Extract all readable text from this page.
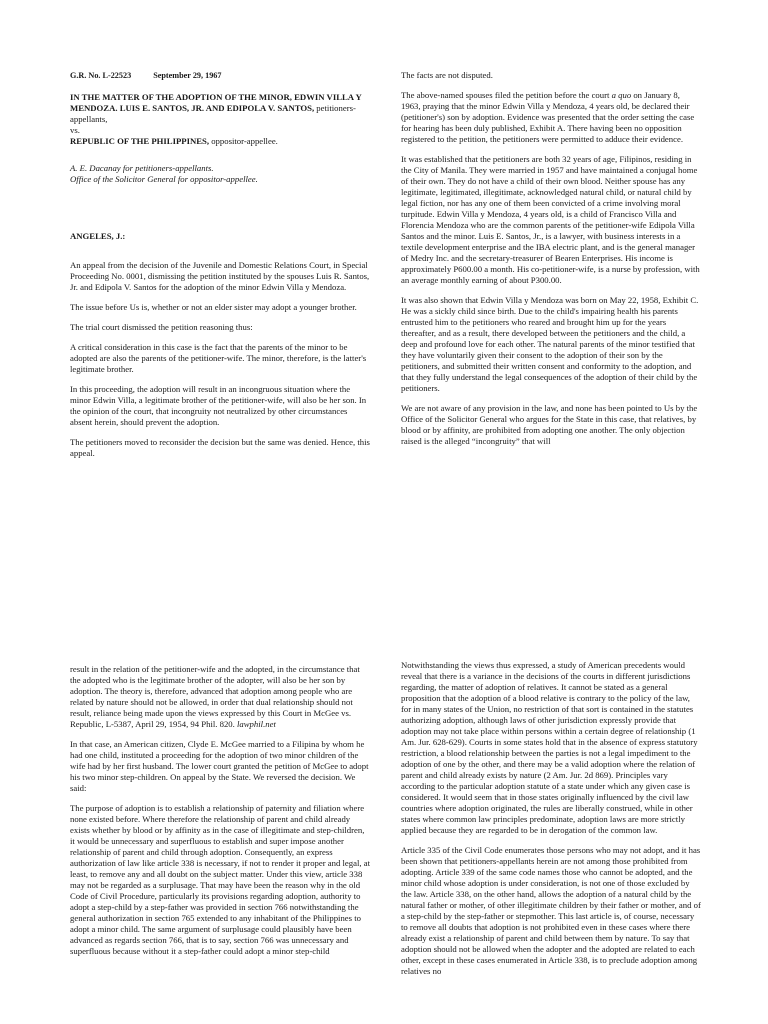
G.R. No. L-22523	September 29, 1967
IN THE MATTER OF THE ADOPTION OF THE MINOR, EDWIN VILLA Y MENDOZA. LUIS E. SANTOS, JR. AND EDIPOLA V. SANTOS, petitioners-appellants,
vs.
REPUBLIC OF THE PHILIPPINES, oppositor-appellee.
A. E. Dacanay for petitioners-appellants.
Office of the Solicitor General for oppositor-appellee.
ANGELES, J.:

An appeal from the decision of the Juvenile and Domestic Relations Court, in Special Proceeding No. 0001, dismissing the petition instituted by the spouses Luis R. Santos, Jr. and Edipola V. Santos for the adoption of the minor Edwin Villa y Mendoza.

The issue before Us is, whether or not an elder sister may adopt a younger brother.

The trial court dismissed the petition reasoning thus:

A critical consideration in this case is the fact that the parents of the minor to be adopted are also the parents of the petitioner-wife. The minor, therefore, is the latter's legitimate brother.

In this proceeding, the adoption will result in an incongruous situation where the minor Edwin Villa, a legitimate brother of the petitioner-wife, will also be her son. In the opinion of the court, that incongruity not neutralized by other circumstances absent herein, should prevent the adoption.

The petitioners moved to reconsider the decision but the same was denied. Hence, this appeal.

The facts are not disputed.

The above-named spouses filed the petition before the court a quo on January 8, 1963, praying that the minor Edwin Villa y Mendoza, 4 years old, be declared their (petitioner's) son by adoption. Evidence was presented that the order setting the case for hearing has been duly published, Exhibit A. There having been no opposition registered to the petition, the petitioners were permitted to adduce their evidence.

It was established that the petitioners are both 32 years of age, Filipinos, residing in the City of Manila. They were married in 1957 and have maintained a conjugal home of their own. They do not have a child of their own blood. Neither spouse has any legitimate, legitimated, illegitimate, acknowledged natural child, or natural child by legal fiction, nor has any one of them been convicted of a crime involving moral turpitude. Edwin Villa y Mendoza, 4 years old, is a child of Francisco Villa and Florencia Mendoza who are the common parents of the petitioner-wife Edipola Villa Santos and the minor. Luis E. Santos, Jr., is a lawyer, with business interests in a textile development enterprise and the IBA electric plant, and is the general manager of Medry Inc. and the secretary-treasurer of Bearen Enterprises. His income is approximately P600.00 a month. His co-petitioner-wife, is a nurse by profession, with an average monthly earning of about P300.00.

It was also shown that Edwin Villa y Mendoza was born on May 22, 1958, Exhibit C. He was a sickly child since birth. Due to the child's impairing health his parents entrusted him to the petitioners who reared and brought him up for the years thereafter, and as a result, there developed between the petitioners and the child, a deep and profound love for each other. The natural parents of the minor testified that they have voluntarily given their consent to the adoption of their son by the petitioners, and submitted their written consent and conformity to the adoption, and that they fully understand the legal consequences of the adoption of their child by the petitioners.

We are not aware of any provision in the law, and none has been pointed to Us by the Office of the Solicitor General who argues for the State in this case, that relatives, by blood or by affinity, are prohibited from adopting one another. The only objection raised is the alleged “incongruity” that will

result in the relation of the petitioner-wife and the adopted, in the circumstance that the adopted who is the legitimate brother of the adopter, will also be her son by adoption. The theory is, therefore, advanced that adoption among people who are related by nature should not be allowed, in order that dual relationship should not result, reliance being made upon the views expressed by this Court in McGee vs. Republic, L-5387, April 29, 1954, 94 Phil. 820. lawphil.net

In that case, an American citizen, Clyde E. McGee married to a Filipina by whom he had one child, instituted a proceeding for the adoption of two minor children of the wife had by her first husband. The lower court granted the petition of McGee to adopt his two minor step-children. On appeal by the State. We reversed the decision. We said:

The purpose of adoption is to establish a relationship of paternity and filiation where none existed before. Where therefore the relationship of parent and child already exists whether by blood or by affinity as in the case of illegitimate and step-children, it would be unnecessary and superfluous to establish and super impose another relationship of parent and child through adoption. Consequently, an express authorization of law like article 338 is necessary, if not to render it proper and legal, at least, to remove any and all doubt on the subject matter. Under this view, article 338 may not be regarded as a surplusage. That may have been the reason why in the old Code of Civil Procedure, particularly its provisions regarding adoption, authority to adopt a step-child by a step-father was provided in section 766 notwithstanding the general authorization in section 765 extended to any inhabitant of the Philippines to adopt a minor child. The same argument of surplusage could plausibly have been advanced as regards section 766, that is to say, section 766 was unnecessary and superfluous because without it a step-father could adopt a minor step-child

Notwithstanding the views thus expressed, a study of American precedents would reveal that there is a variance in the decisions of the courts in different jurisdictions regarding, the matter of adoption of relatives. It cannot be stated as a general proposition that the adoption of a blood relative is contrary to the policy of the law, for in many states of the Union, no restriction of that sort is contained in the statutes authorizing adoption, although laws of other jurisdiction expressly provide that adoption may not take place within persons within a certain degree of relationship (1 Am. Jur. 628-629). Courts in some states hold that in the absence of express statutory restriction, a blood relationship between the parties is not a legal impediment to the adoption of one by the other, and there may be a valid adoption where the relation of parent and child already exists by nature (2 Am. Jur. 2d 869). Principles vary according to the particular adoption statute of a state under which any given case is considered. It would seem that in those states originally influenced by the civil law countries where adoption originated, the rules are liberally construed, while in other states where common law principles predominate, adoption laws are more strictly applied because they are regarded to be in derogation of the common law.

Article 335 of the Civil Code enumerates those persons who may not adopt, and it has been shown that petitioners-appellants herein are not among those prohibited from adopting. Article 339 of the same code names those who cannot be adopted, and the minor child whose adoption is under consideration, is not one of those excluded by the law. Article 338, on the other hand, allows the adoption of a natural child by the natural father or mother, of other illegitimate children by their father or mother, and of a step-child by the step-father or stepmother. This last article is, of course, necessary to remove all doubts that adoption is not prohibited even in these cases where there already exist a relationship of parent and child between them by nature. To say that adoption should not be allowed when the adopter and the adopted are related to each other, except in these cases enumerated in Article 338, is to preclude adoption among relatives no
